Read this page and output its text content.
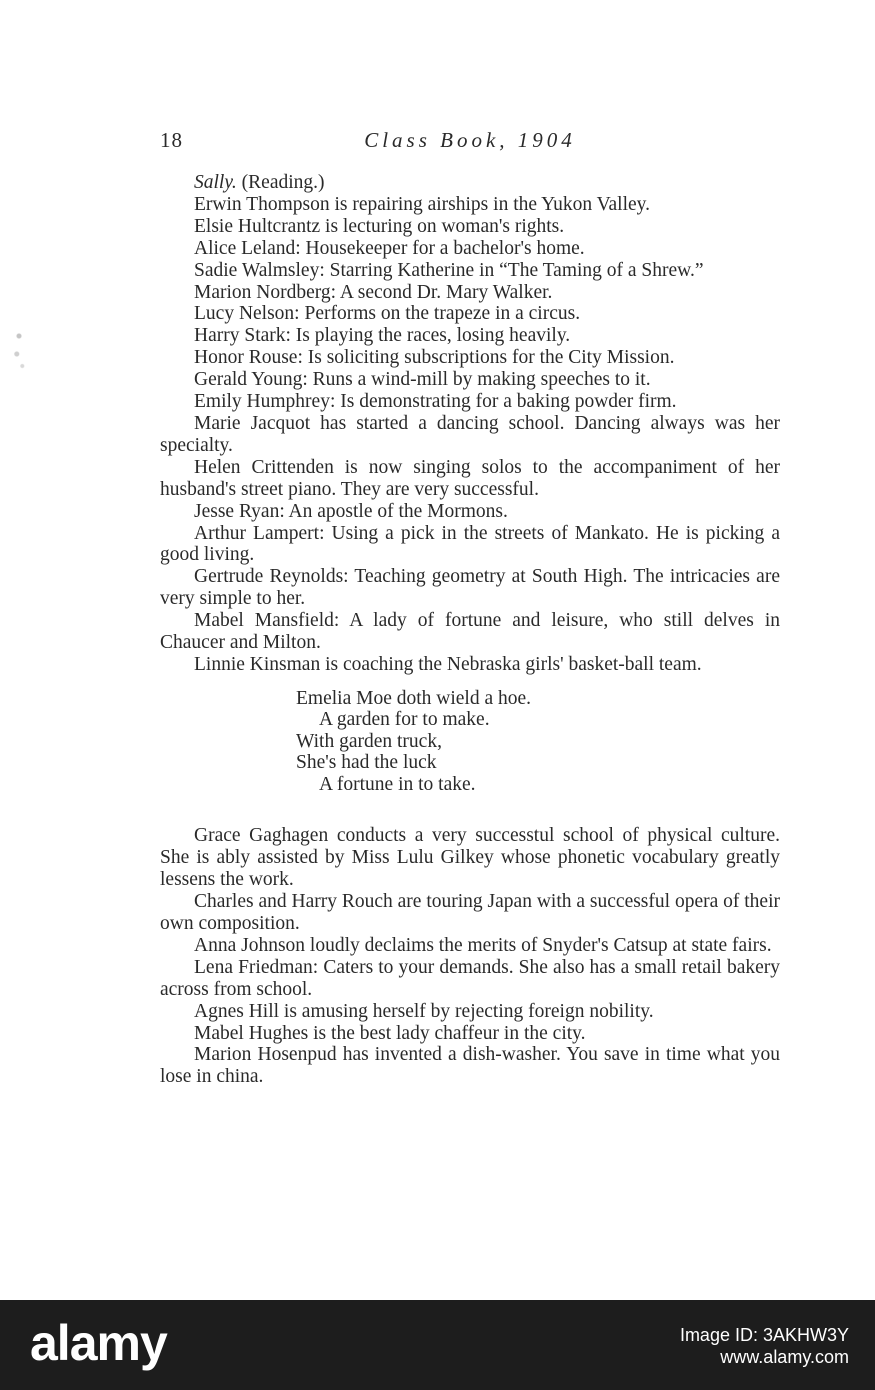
18	Class Book, 1904

Sally. (Reading.)

Erwin Thompson is repairing airships in the Yukon Valley.

Elsie Hultcrantz is lecturing on woman's rights.

Alice Leland: Housekeeper for a bachelor's home.

Sadie Walmsley: Starring Katherine in “The Taming of a Shrew.”

Marion Nordberg: A second Dr. Mary Walker.

Lucy Nelson: Performs on the trapeze in a circus.

Harry Stark: Is playing the races, losing heavily.

Honor Rouse: Is soliciting subscriptions for the City Mission.

Gerald Young: Runs a wind-mill by making speeches to it.

Emily Humphrey: Is demonstrating for a baking powder firm.

Marie Jacquot has started a dancing school. Dancing always was her specialty.

Helen Crittenden is now singing solos to the accompaniment of her husband's street piano. They are very successful.

Jesse Ryan: An apostle of the Mormons.

Arthur Lampert: Using a pick in the streets of Mankato. He is picking a good living.

Gertrude Reynolds: Teaching geometry at South High. The intricacies are very simple to her.

Mabel Mansfield: A lady of fortune and leisure, who still delves in Chaucer and Milton.

Linnie Kinsman is coaching the Nebraska girls' basket-ball team.

Emelia Moe doth wield a hoe.
A garden for to make.
With garden truck,
She's had the luck
A fortune in to take.

Grace Gaghagen conducts a very successtul school of physical culture. She is ably assisted by Miss Lulu Gilkey whose phonetic vocabulary greatly lessens the work.

Charles and Harry Rouch are touring Japan with a successful opera of their own composition.

Anna Johnson loudly declaims the merits of Snyder's Catsup at state fairs.

Lena Friedman: Caters to your demands. She also has a small retail bakery across from school.

Agnes Hill is amusing herself by rejecting foreign nobility.

Mabel Hughes is the best lady chaffeur in the city.

Marion Hosenpud has invented a dish-washer. You save in time what you lose in china.

alamy	Image ID: 3AKHW3Y
www.alamy.com
